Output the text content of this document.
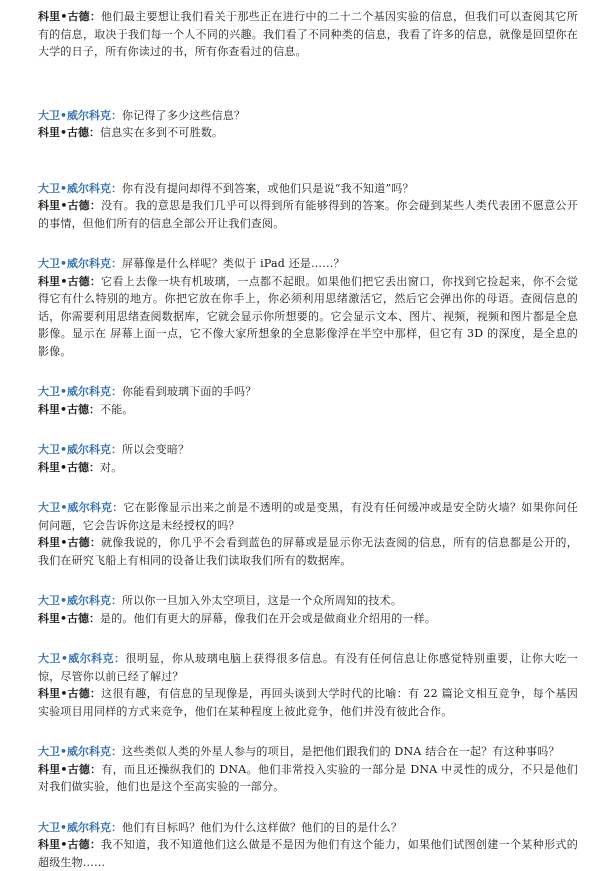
科里•古德：他们最主要想让我们看关于那些正在进行中的二十二个基因实验的信息，但我们可以查阅其它所有的信息，取决于我们每一个人不同的兴趣。我们看了不同种类的信息，我看了许多的信息，就像是回望你在大学的日子，所有你读过的书，所有你查看过的信息。
大卫•威尔科克：你记得了多少这些信息？
科里•古德：信息实在多到不可胜数。
大卫•威尔科克：你有没有提问却得不到答案，或他们只是说“我不知道”吗？
科里•古德：没有。我的意思是我们几乎可以得到所有能够得到的答案。你会碰到某些人类代表团不愿意公开的事情，但他们所有的信息全部公开让我们查阅。
大卫•威尔科克：屏幕像是什么样呢？类似于 iPad 还是……？
科里•古德：它看上去像一块有机玻璃，一点都不起眼。如果他们把它丢出窗口，你找到它捡起来，你不会觉得它有什么特别的地方。你把它放在你手上，你必须利用思绪激活它，然后它会弹出你的母语。查阅信息的话，你需要利用思绪查阅数据库，它就会显示你所想要的。它会显示文本、图片、视频，视频和图片都是全息影像。显示在 屏幕上面一点，它不像大家所想象的全息影像浮在半空中那样，但它有 3D 的深度，是全息的影像。
大卫•威尔科克：你能看到玻璃下面的手吗？
科里•古德：不能。
大卫•威尔科克：所以会变暗？
科里•古德：对。
大卫•威尔科克：它在影像显示出来之前是不透明的或是变黑，有没有任何缓冲或是安全防火墙？如果你问任何问题，它会告诉你这是未经授权的吗？
科里•古德：就像我说的，你几乎不会看到蓝色的屏幕或是显示你无法查阅的信息，所有的信息都是公开的，我们在研究飞船上有相同的设备让我们读取我们所有的数据库。
大卫•威尔科克：所以你一旦加入外太空项目，这是一个众所周知的技术。
科里•古德：是的。他们有更大的屏幕，像我们在开会或是做商业介绍用的一样。
大卫•威尔科克：很明显，你从玻璃电脑上获得很多信息。有没有任何信息让你感觉特别重要，让你大吃一惊，尽管你以前已经了解过？
科里•古德：这很有趣，有信息的呈现像是，再回头谈到大学时代的比喻：有 22 篇论文相互竞争，每个基因实验项目用同样的方式来竞争，他们在某种程度上彼此竞争，他们并没有彼此合作。
大卫•威尔科克：这些类似人类的外星人参与的项目，是把他们跟我们的 DNA 结合在一起？有这种事吗？
科里•古德：有，而且还操纵我们的 DNA。他们非常投入实验的一部分是 DNA 中灵性的成分，不只是他们对我们做实验，他们也是这个至高实验的一部分。
大卫•威尔科克：他们有目标吗？他们为什么这样做？他们的目的是什么？
科里•古德：我不知道，我不知道他们这么做是不是因为他们有这个能力，如果他们试图创建一个某种形式的超级生物……
